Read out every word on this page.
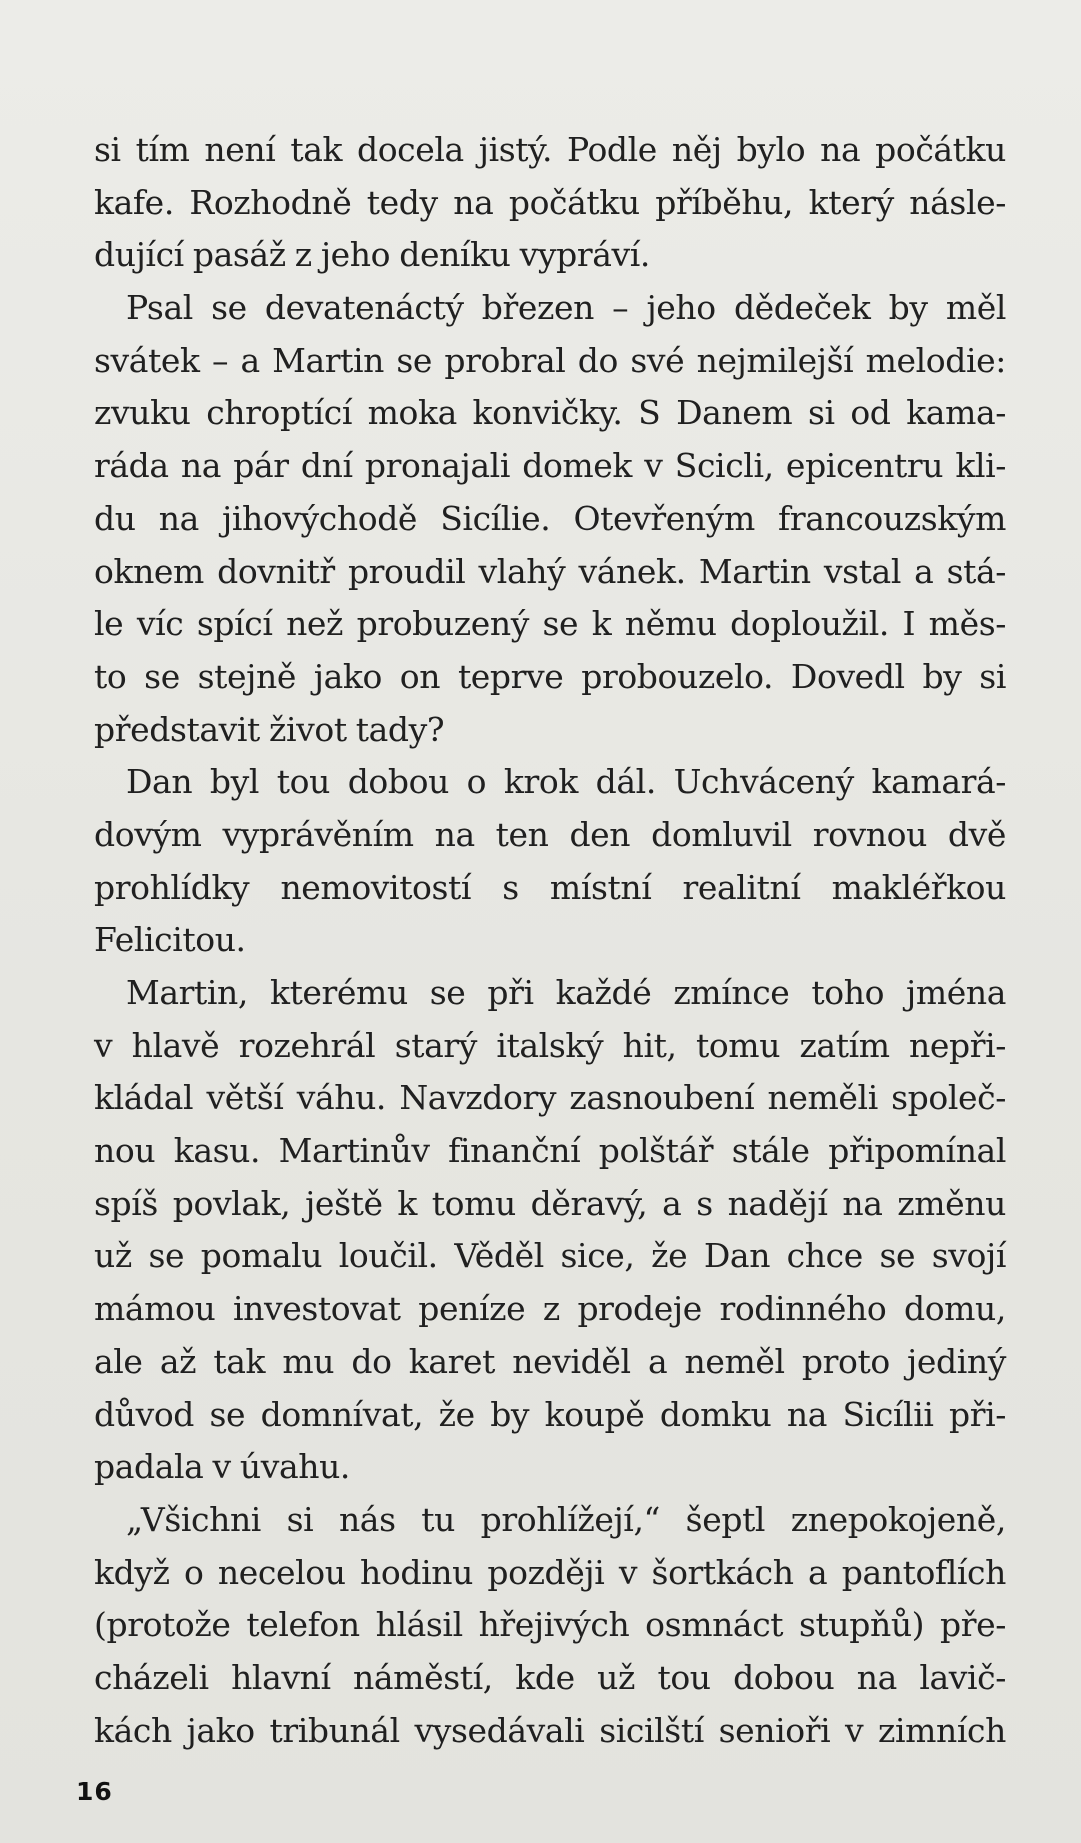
si tím není tak docela jistý. Podle něj bylo na počátku
kafe. Rozhodně tedy na počátku příběhu, který násle-
dující pasáž z jeho deníku vypráví.
Psal se devatenáctý březen – jeho dědeček by měl
svátek – a Martin se probral do své nejmilejší melodie:
zvuku chroptící moka konvičky. S Danem si od kama-
ráda na pár dní pronajali domek v Scicli, epicentru kli-
du na jihovýchodě Sicílie. Otevřeným francouzským
oknem dovnitř proudil vlahý vánek. Martin vstal a stá-
le víc spící než probuzený se k němu doploužil. I měs-
to se stejně jako on teprve probouzelo. Dovedl by si
představit život tady?
Dan byl tou dobou o krok dál. Uchvácený kamará-
dovým vyprávěním na ten den domluvil rovnou dvě
prohlídky nemovitostí s místní realitní makléřkou
Felicitou.
Martin, kterému se při každé zmínce toho jména
v hlavě rozehrál starý italský hit, tomu zatím nepři-
kládal větší váhu. Navzdory zasnoubení neměli společ-
nou kasu. Martinův finanční polštář stále připomínal
spíš povlak, ještě k tomu děravý, a s nadějí na změnu
už se pomalu loučil. Věděl sice, že Dan chce se svojí
mámou investovat peníze z prodeje rodinného domu,
ale až tak mu do karet neviděl a neměl proto jediný
důvod se domnívat, že by koupě domku na Sicílii při-
padala v úvahu.
„Všichni si nás tu prohlížejí,“ šeptl znepokojeně,
když o necelou hodinu později v šortkách a pantoflích
(protože telefon hlásil hřejivých osmnáct stupňů) pře-
cházeli hlavní náměstí, kde už tou dobou na lavič-
kách jako tribunál vysedávali sicilští senioři v zimních
16
